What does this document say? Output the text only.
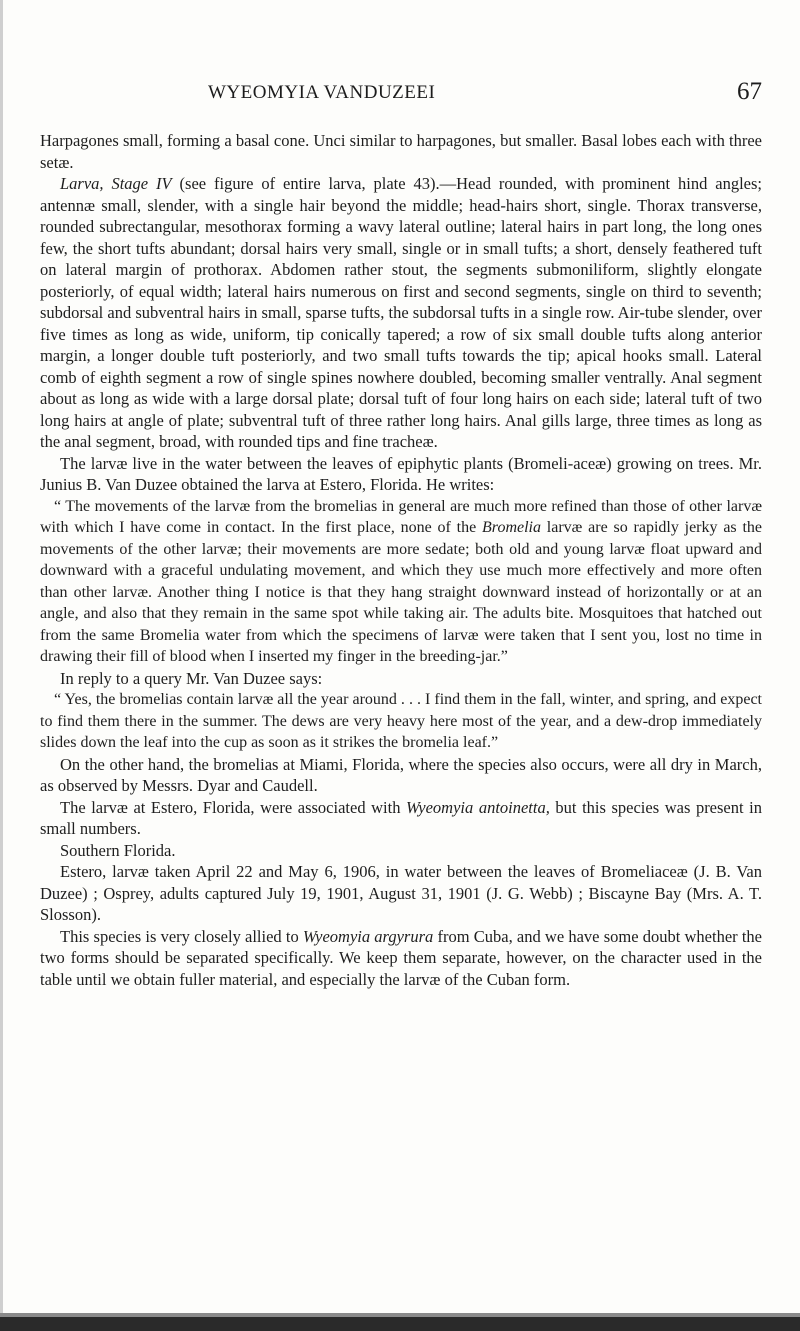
WYEOMYIA VANDUZEEI	67

Harpagones small, forming a basal cone. Unci similar to harpagones, but smaller. Basal lobes each with three setæ.

Larva, Stage IV (see figure of entire larva, plate 43).—Head rounded, with prominent hind angles; antennæ small, slender, with a single hair beyond the middle; head-hairs short, single. Thorax transverse, rounded subrectangular, mesothorax forming a wavy lateral outline; lateral hairs in part long, the long ones few, the short tufts abundant; dorsal hairs very small, single or in small tufts; a short, densely feathered tuft on lateral margin of prothorax. Abdomen rather stout, the segments submoniliform, slightly elongate posteriorly, of equal width; lateral hairs numerous on first and second segments, single on third to seventh; subdorsal and subventral hairs in small, sparse tufts, the subdorsal tufts in a single row. Air-tube slender, over five times as long as wide, uniform, tip conically tapered; a row of six small double tufts along anterior margin, a longer double tuft posteriorly, and two small tufts towards the tip; apical hooks small. Lateral comb of eighth segment a row of single spines nowhere doubled, becoming smaller ventrally. Anal segment about as long as wide with a large dorsal plate; dorsal tuft of four long hairs on each side; lateral tuft of two long hairs at angle of plate; subventral tuft of three rather long hairs. Anal gills large, three times as long as the anal segment, broad, with rounded tips and fine tracheæ.

The larvæ live in the water between the leaves of epiphytic plants (Bromeli-aceæ) growing on trees. Mr. Junius B. Van Duzee obtained the larva at Estero, Florida. He writes:

“ The movements of the larvæ from the bromelias in general are much more refined than those of other larvæ with which I have come in contact. In the first place, none of the Bromelia larvæ are so rapidly jerky as the movements of the other larvæ; their movements are more sedate; both old and young larvæ float upward and downward with a graceful undulating movement, and which they use much more effectively and more often than other larvæ. Another thing I notice is that they hang straight downward instead of horizontally or at an angle, and also that they remain in the same spot while taking air. The adults bite. Mosquitoes that hatched out from the same Bromelia water from which the specimens of larvæ were taken that I sent you, lost no time in drawing their fill of blood when I inserted my finger in the breeding-jar.”

In reply to a query Mr. Van Duzee says:

“ Yes, the bromelias contain larvæ all the year around . . . I find them in the fall, winter, and spring, and expect to find them there in the summer. The dews are very heavy here most of the year, and a dew-drop immediately slides down the leaf into the cup as soon as it strikes the bromelia leaf.”

On the other hand, the bromelias at Miami, Florida, where the species also occurs, were all dry in March, as observed by Messrs. Dyar and Caudell.

The larvæ at Estero, Florida, were associated with Wyeomyia antoinetta, but this species was present in small numbers.

Southern Florida.

Estero, larvæ taken April 22 and May 6, 1906, in water between the leaves of Bromeliaceæ (J. B. Van Duzee) ; Osprey, adults captured July 19, 1901, August 31, 1901 (J. G. Webb) ; Biscayne Bay (Mrs. A. T. Slosson).

This species is very closely allied to Wyeomyia argyrura from Cuba, and we have some doubt whether the two forms should be separated specifically. We keep them separate, however, on the character used in the table until we obtain fuller material, and especially the larvæ of the Cuban form.
